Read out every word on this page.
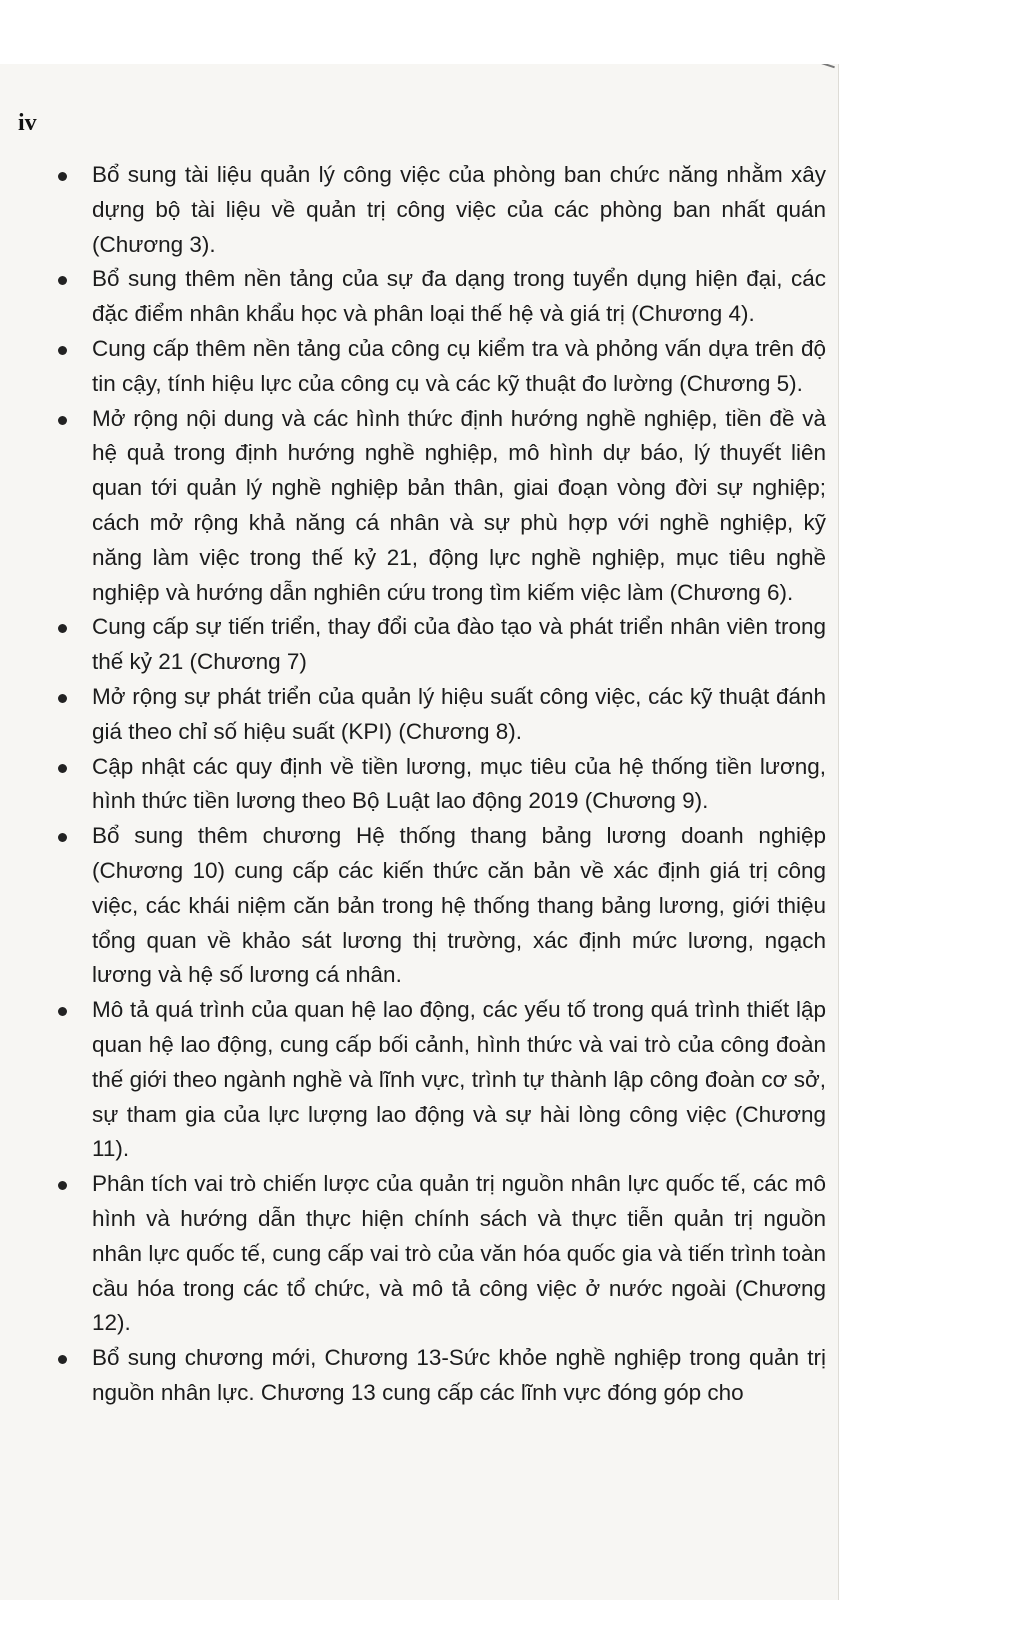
iv
Bổ sung tài liệu quản lý công việc của phòng ban chức năng nhằm xây dựng bộ tài liệu về quản trị công việc của các phòng ban nhất quán (Chương 3).
Bổ sung thêm nền tảng của sự đa dạng trong tuyển dụng hiện đại, các đặc điểm nhân khẩu học và phân loại thế hệ và giá trị (Chương 4).
Cung cấp thêm nền tảng của công cụ kiểm tra và phỏng vấn dựa trên độ tin cậy, tính hiệu lực của công cụ và các kỹ thuật đo lường (Chương 5).
Mở rộng nội dung và các hình thức định hướng nghề nghiệp, tiền đề và hệ quả trong định hướng nghề nghiệp, mô hình dự báo, lý thuyết liên quan tới quản lý nghề nghiệp bản thân, giai đoạn vòng đời sự nghiệp; cách mở rộng khả năng cá nhân và sự phù hợp với nghề nghiệp, kỹ năng làm việc trong thế kỷ 21, động lực nghề nghiệp, mục tiêu nghề nghiệp và hướng dẫn nghiên cứu trong tìm kiếm việc làm (Chương 6).
Cung cấp sự tiến triển, thay đổi của đào tạo và phát triển nhân viên trong thế kỷ 21 (Chương 7)
Mở rộng sự phát triển của quản lý hiệu suất công việc, các kỹ thuật đánh giá theo chỉ số hiệu suất (KPI) (Chương 8).
Cập nhật các quy định về tiền lương, mục tiêu của hệ thống tiền lương, hình thức tiền lương theo Bộ Luật lao động 2019 (Chương 9).
Bổ sung thêm chương Hệ thống thang bảng lương doanh nghiệp (Chương 10) cung cấp các kiến thức căn bản về xác định giá trị công việc, các khái niệm căn bản trong hệ thống thang bảng lương, giới thiệu tổng quan về khảo sát lương thị trường, xác định mức lương, ngạch lương và hệ số lương cá nhân.
Mô tả quá trình của quan hệ lao động, các yếu tố trong quá trình thiết lập quan hệ lao động, cung cấp bối cảnh, hình thức và vai trò của công đoàn thế giới theo ngành nghề và lĩnh vực, trình tự thành lập công đoàn cơ sở, sự tham gia của lực lượng lao động và sự hài lòng công việc (Chương 11).
Phân tích vai trò chiến lược của quản trị nguồn nhân lực quốc tế, các mô hình và hướng dẫn thực hiện chính sách và thực tiễn quản trị nguồn nhân lực quốc tế, cung cấp vai trò của văn hóa quốc gia và tiến trình toàn cầu hóa trong các tổ chức, và mô tả công việc ở nước ngoài (Chương 12).
Bổ sung chương mới, Chương 13-Sức khỏe nghề nghiệp trong quản trị nguồn nhân lực. Chương 13 cung cấp các lĩnh vực đóng góp cho
